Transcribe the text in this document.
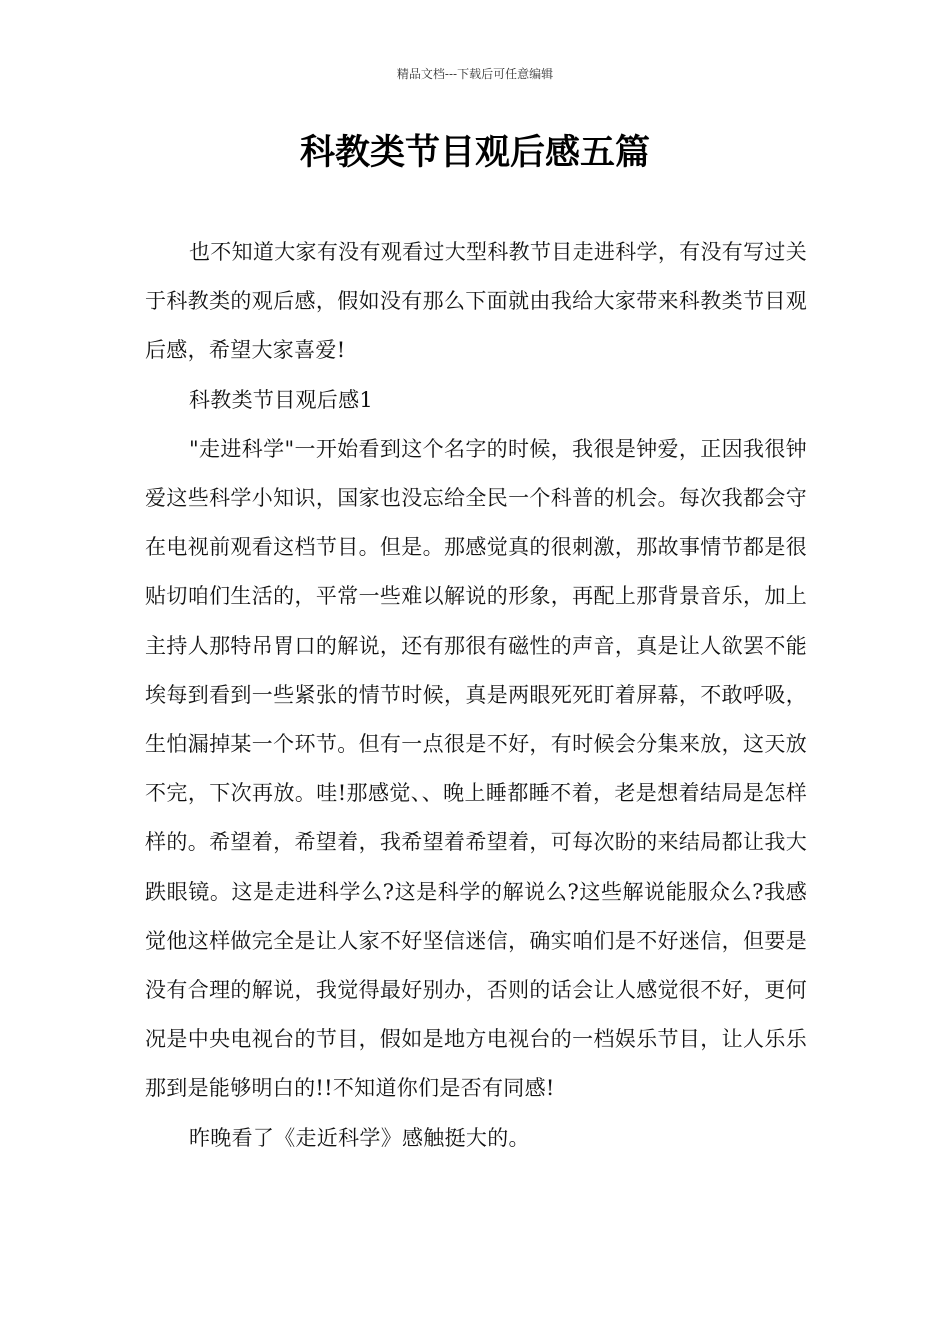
精品文档---下载后可任意编辑
科教类节目观后感五篇

也不知道大家有没有观看过大型科教节目走进科学，有没有写过关于科教类的观后感，假如没有那么下面就由我给大家带来科教类节目观后感，希望大家喜爱!

科教类节目观后感1

"走进科学"一开始看到这个名字的时候，我很是钟爱，正因我很钟爱这些科学小知识，国家也没忘给全民一个科普的机会。每次我都会守在电视前观看这档节目。但是。那感觉真的很刺激，那故事情节都是很贴切咱们生活的，平常一些难以解说的形象，再配上那背景音乐，加上主持人那特吊胃口的解说，还有那很有磁性的声音，真是让人欲罢不能埃每到看到一些紧张的情节时候，真是两眼死死盯着屏幕，不敢呼吸，生怕漏掉某一个环节。但有一点很是不好，有时候会分集来放，这天放不完，下次再放。哇!那感觉、、晚上睡都睡不着，老是想着结局是怎样样的。希望着，希望着，我希望着希望着，可每次盼的来结局都让我大跌眼镜。这是走进科学么?这是科学的解说么?这些解说能服众么?我感觉他这样做完全是让人家不好坚信迷信，确实咱们是不好迷信，但要是没有合理的解说，我觉得最好别办，否则的话会让人感觉很不好，更何况是中央电视台的节目，假如是地方电视台的一档娱乐节目，让人乐乐那到是能够明白的!!不知道你们是否有同感!

昨晚看了《走近科学》感触挺大的。
